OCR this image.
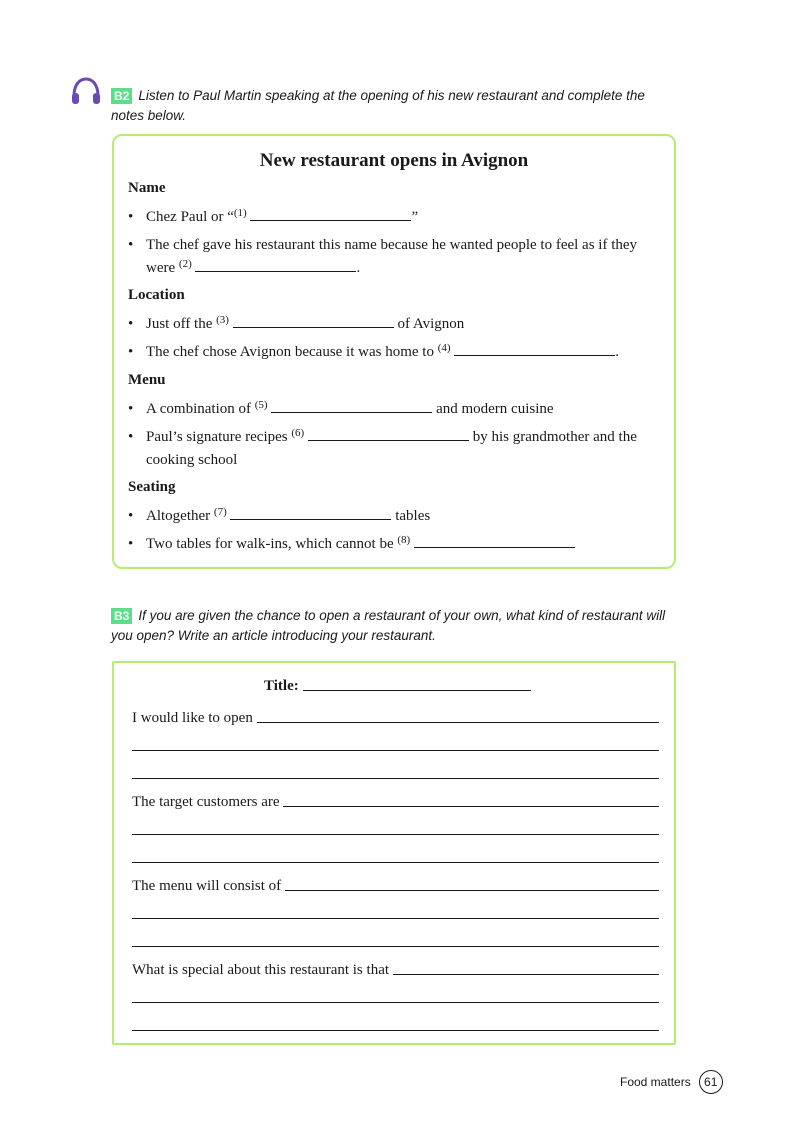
B2 Listen to Paul Martin speaking at the opening of his new restaurant and complete the notes below.
New restaurant opens in Avignon
Name
• Chez Paul or “$^{(1)}$	”
• The chef gave his restaurant this name because he wanted people to feel as if they were $^{(2)}$	.
Location
• Just off the $^{(3)}$	of Avignon
• The chef chose Avignon because it was home to $^{(4)}$	.
Menu
• A combination of $^{(5)}$	and modern cuisine
• Paul’s signature recipes $^{(6)}$	by his grandmother and the cooking school
Seating
• Altogether $^{(7)}$	tables
• Two tables for walk-ins, which cannot be $^{(8)}$
B3 If you are given the chance to open a restaurant of your own, what kind of restaurant will you open? Write an article introducing your restaurant.
Title:
I would like to open
The target customers are
The menu will consist of
What is special about this restaurant is that
Food matters	61
